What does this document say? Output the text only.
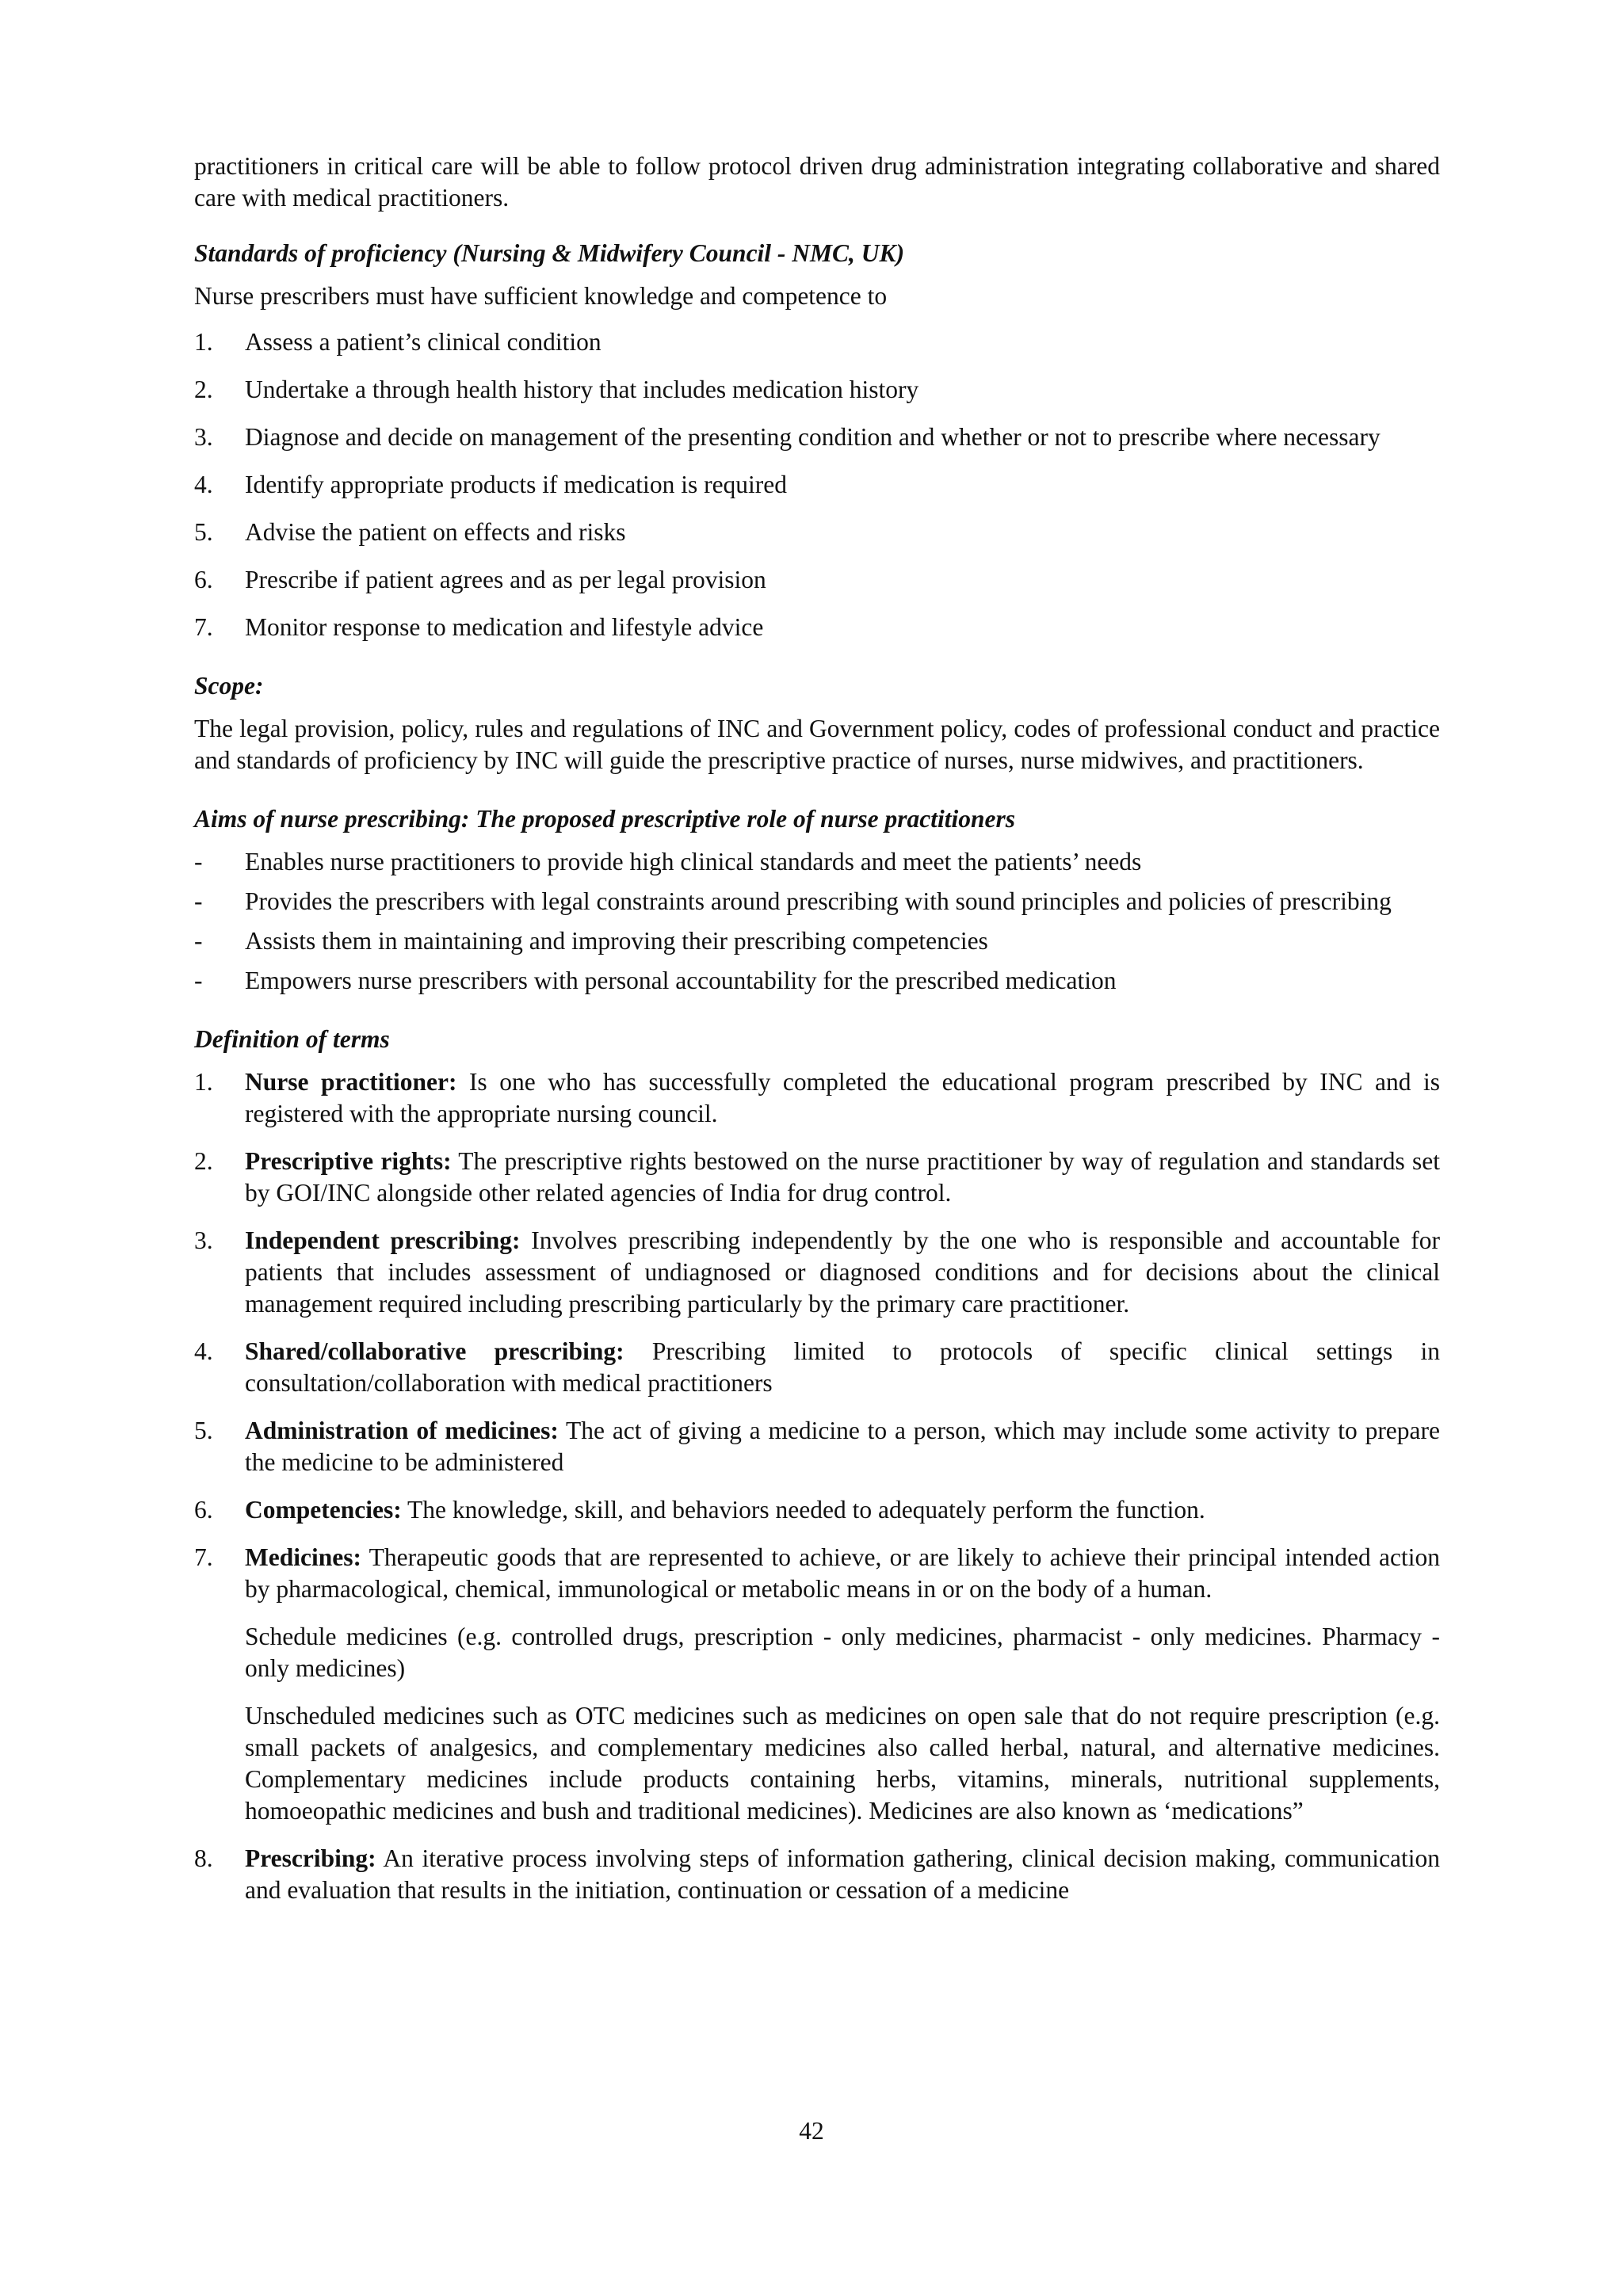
practitioners in critical care will be able to follow protocol driven drug administration integrating collaborative and shared care with medical practitioners.

Standards of proficiency (Nursing & Midwifery Council - NMC, UK)

Nurse prescribers must have sufficient knowledge and competence to

1. Assess a patient’s clinical condition
2. Undertake a through health history that includes medication history
3. Diagnose and decide on management of the presenting condition and whether or not to prescribe where necessary
4. Identify appropriate products if medication is required
5. Advise the patient on effects and risks
6. Prescribe if patient agrees and as per legal provision
7. Monitor response to medication and lifestyle advice

Scope:

The legal provision, policy, rules and regulations of INC and Government policy, codes of professional conduct and practice and standards of proficiency by INC will guide the prescriptive practice of nurses, nurse midwives, and practitioners.

Aims of nurse prescribing: The proposed prescriptive role of nurse practitioners

- Enables nurse practitioners to provide high clinical standards and meet the patients’ needs
- Provides the prescribers with legal constraints around prescribing with sound principles and policies of prescribing
- Assists them in maintaining and improving their prescribing competencies
- Empowers nurse prescribers with personal accountability for the prescribed medication

Definition of terms

1. Nurse practitioner: Is one who has successfully completed the educational program prescribed by INC and is registered with the appropriate nursing council.
2. Prescriptive rights: The prescriptive rights bestowed on the nurse practitioner by way of regulation and standards set by GOI/INC alongside other related agencies of India for drug control.
3. Independent prescribing: Involves prescribing independently by the one who is responsible and accountable for patients that includes assessment of undiagnosed or diagnosed conditions and for decisions about the clinical management required including prescribing particularly by the primary care practitioner.
4. Shared/collaborative prescribing: Prescribing limited to protocols of specific clinical settings in consultation/collaboration with medical practitioners
5. Administration of medicines: The act of giving a medicine to a person, which may include some activity to prepare the medicine to be administered
6. Competencies: The knowledge, skill, and behaviors needed to adequately perform the function.
7. Medicines: Therapeutic goods that are represented to achieve, or are likely to achieve their principal intended action by pharmacological, chemical, immunological or metabolic means in or on the body of a human.
Schedule medicines (e.g. controlled drugs, prescription - only medicines, pharmacist - only medicines. Pharmacy - only medicines)
Unscheduled medicines such as OTC medicines such as medicines on open sale that do not require prescription (e.g. small packets of analgesics, and complementary medicines also called herbal, natural, and alternative medicines. Complementary medicines include products containing herbs, vitamins, minerals, nutritional supplements, homoeopathic medicines and bush and traditional medicines). Medicines are also known as ‘medications”
8. Prescribing: An iterative process involving steps of information gathering, clinical decision making, communication and evaluation that results in the initiation, continuation or cessation of a medicine
42
